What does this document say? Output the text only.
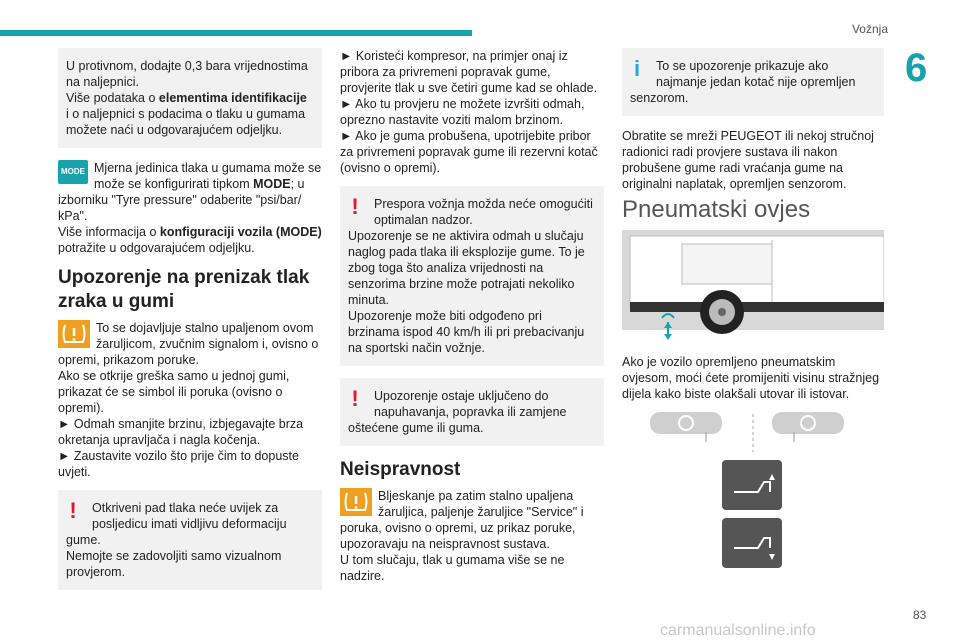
Vožnja
6

U protivnom, dodajte 0,3 bara vrijednostima

na naljepnici.

Više podataka o elementima identifikacije

i o naljepnici s podacima o tlaku u gumama

možete naći u odgovarajućem odjeljku.

MODE Mjerna jedinica tlaka u gumama može se može se konfigurirati tipkom MODE; u izborniku "Tyre pressure" odaberite "psi/bar/ kPa".

Više informacija o konfiguraciji vozila (MODE)

potražite u odgovarajućem odjeljku.

Upozorenje na prenizak tlak zraka u gumi

To se dojavljuje stalno upaljenom ovom žaruljicom, zvučnim signalom i, ovisno o opremi, prikazom poruke.

Ako se otkrije greška samo u jednoj gumi, prikazat će se simbol ili poruka (ovisno o opremi).

► Odmah smanjite brzinu, izbjegavajte brza okretanja upravljača i nagla kočenja.

► Zaustavite vozilo što prije čim to dopuste uvjeti.

!	Otkriveni pad tlaka neće uvijek za posljedicu imati vidljivu deformaciju gume.

Nemojte se zadovoljiti samo vizualnom provjerom.

► Koristeći kompresor, na primjer onaj iz pribora za privremeni popravak gume, provjerite tlak u sve četiri gume kad se ohlade.

► Ako tu provjeru ne možete izvršiti odmah, oprezno nastavite voziti malom brzinom.

► Ako je guma probušena, upotrijebite pribor za privremeni popravak gume ili rezervni kotač (ovisno o opremi).

!	Prespora vožnja možda neće omogućiti optimalan nadzor.

Upozorenje se ne aktivira odmah u slučaju naglog pada tlaka ili eksplozije gume. To je zbog toga što analiza vrijednosti na senzorima brzine može potrajati nekoliko minuta.

Upozorenje može biti odgođeno pri brzinama ispod 40 km/h ili pri prebacivanju na sportski način vožnje.

!	Upozorenje ostaje uključeno do napuhavanja, popravka ili zamjene oštećene gume ili guma.

Neispravnost

Bljeskanje pa zatim stalno upaljena žaruljica, paljenje žaruljice "Service" i poruka, ovisno o opremi, uz prikaz poruke, upozoravaju na neispravnost sustava.

U tom slučaju, tlak u gumama više se ne nadzire.

i	To se upozorenje prikazuje ako najmanje jedan kotač nije opremljen senzorom.

Obratite se mreži PEUGEOT ili nekoj stručnoj radionici radi provjere sustava ili nakon probušene gume radi vraćanja gume na originalni naplatak, opremljen senzorom.
Pneumatski ovjes
Ako je vozilo opremljeno pneumatskim ovjesom, moći ćete promijeniti visinu stražnjeg dijela kako biste olakšali utovar ili istovar.
83
carmanualsonline.info
